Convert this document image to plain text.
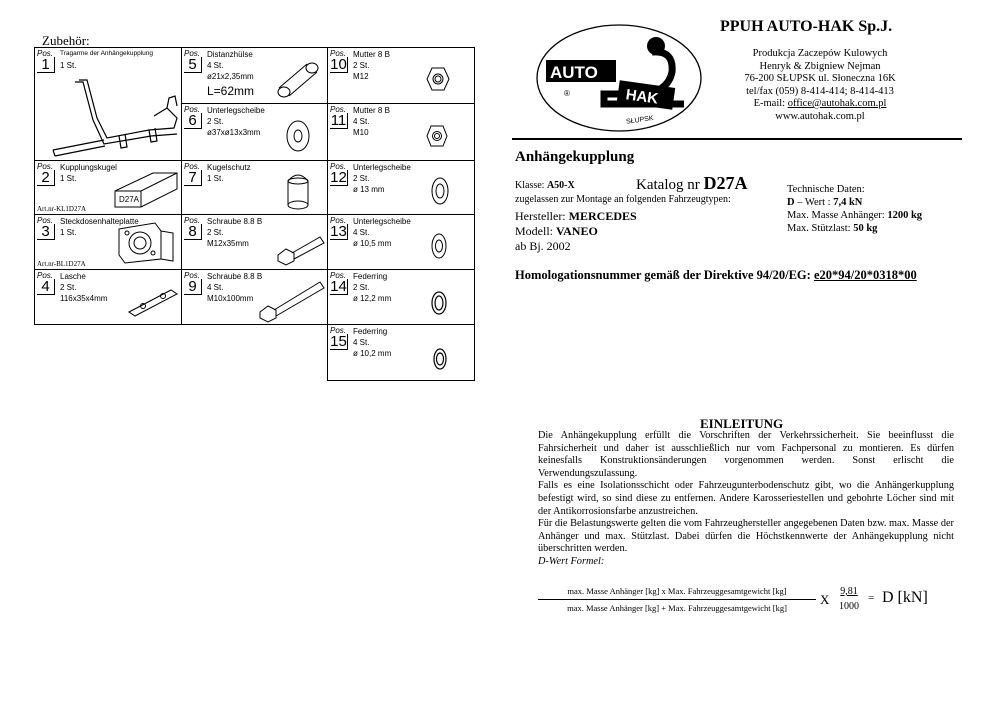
Zubehör:
Pos.
1
Tragarme der Anhängekupplung
1 St.
Pos.
2
Kupplungskugel
1 St.
D27A
Art.nr-KL1D27A
Pos.
3
Steckdosenhalteplatte
1 St.
Art.nr-BL1D27A
Pos.
4
Lasche
2 St.
116x35x4mm
Pos.
5
Distanzhülse
4 St.
ø21x2,35mm
L=62mm
Pos.
6
Unterlegscheibe
2 St.
ø37xø13x3mm
Pos.
7
Kugelschutz
1 St.
Pos.
8
Schraube 8.8 B
2 St.
M12x35mm
Pos.
9
Schraube 8.8 B
4 St.
M10x100mm
Pos.
10
Mutter 8 B
2 St.
M12
Pos.
11
Mutter 8 B
4 St.
M10
Pos.
12
Unterlegscheibe
2 St.
ø 13 mm
Pos.
13
Unterlegscheibe
4 St.
ø 10,5 mm
Pos.
14
Federring
2 St.
ø 12,2 mm
Pos.
15
Federring
4 St.
ø 10,2 mm
AUTO
HAK
®
SŁUPSK
PPUH AUTO-HAK Sp.J.
Produkcja Zaczepów Kulowych
Henryk & Zbigniew Nejman
76-200 SŁUPSK ul. Słoneczna 16K
tel/fax (059) 8-414-414; 8-414-413
E-mail: office@autohak.com.pl
www.autohak.com.pl
Anhängekupplung
Klasse: A50-X	Katalog nr D27A
zugelassen zur Montage an folgenden Fahrzeugtypen:
Hersteller: MERCEDES
Modell: VANEO
ab Bj. 2002
Technische Daten:
D – Wert : 7,4 kN
Max. Masse Anhänger: 1200 kg
Max. Stützlast: 50 kg
Homologationsnummer gemäß der Direktive 94/20/EG: e20*94/20*0318*00
EINLEITUNG

Die Anhängekupplung erfüllt die Vorschriften der Verkehrssicherheit. Sie beeinflusst die Fahrsicherheit und daher ist ausschließlich nur vom Fachpersonal zu montieren. Es dürfen keinesfalls Konstruktionsänderungen vorgenommen werden. Sonst erlischt die Verwendungszulassung.

Falls es eine Isolationsschicht oder Fahrzeugunterbodenschutz gibt, wo die Anhängerkupplung befestigt wird, so sind diese zu entfernen. Andere Karosseriestellen und gebohrte Löcher sind mit der Antikorrosionsfarbe anzustreichen.

Für die Belastungswerte gelten die vom Fahrzeughersteller angegebenen Daten bzw. max. Masse der Anhänger und max. Stützlast. Dabei dürfen die Höchstkennwerte der Anhängekupplung nicht überschritten werden.

D-Wert Formel:

max. Masse Anhänger [kg] x Max. Fahrzeuggesamtgewicht [kg]
max. Masse Anhänger [kg] + Max. Fahrzeuggesamtgewicht [kg]
X
9,81
1000
= D [kN]
